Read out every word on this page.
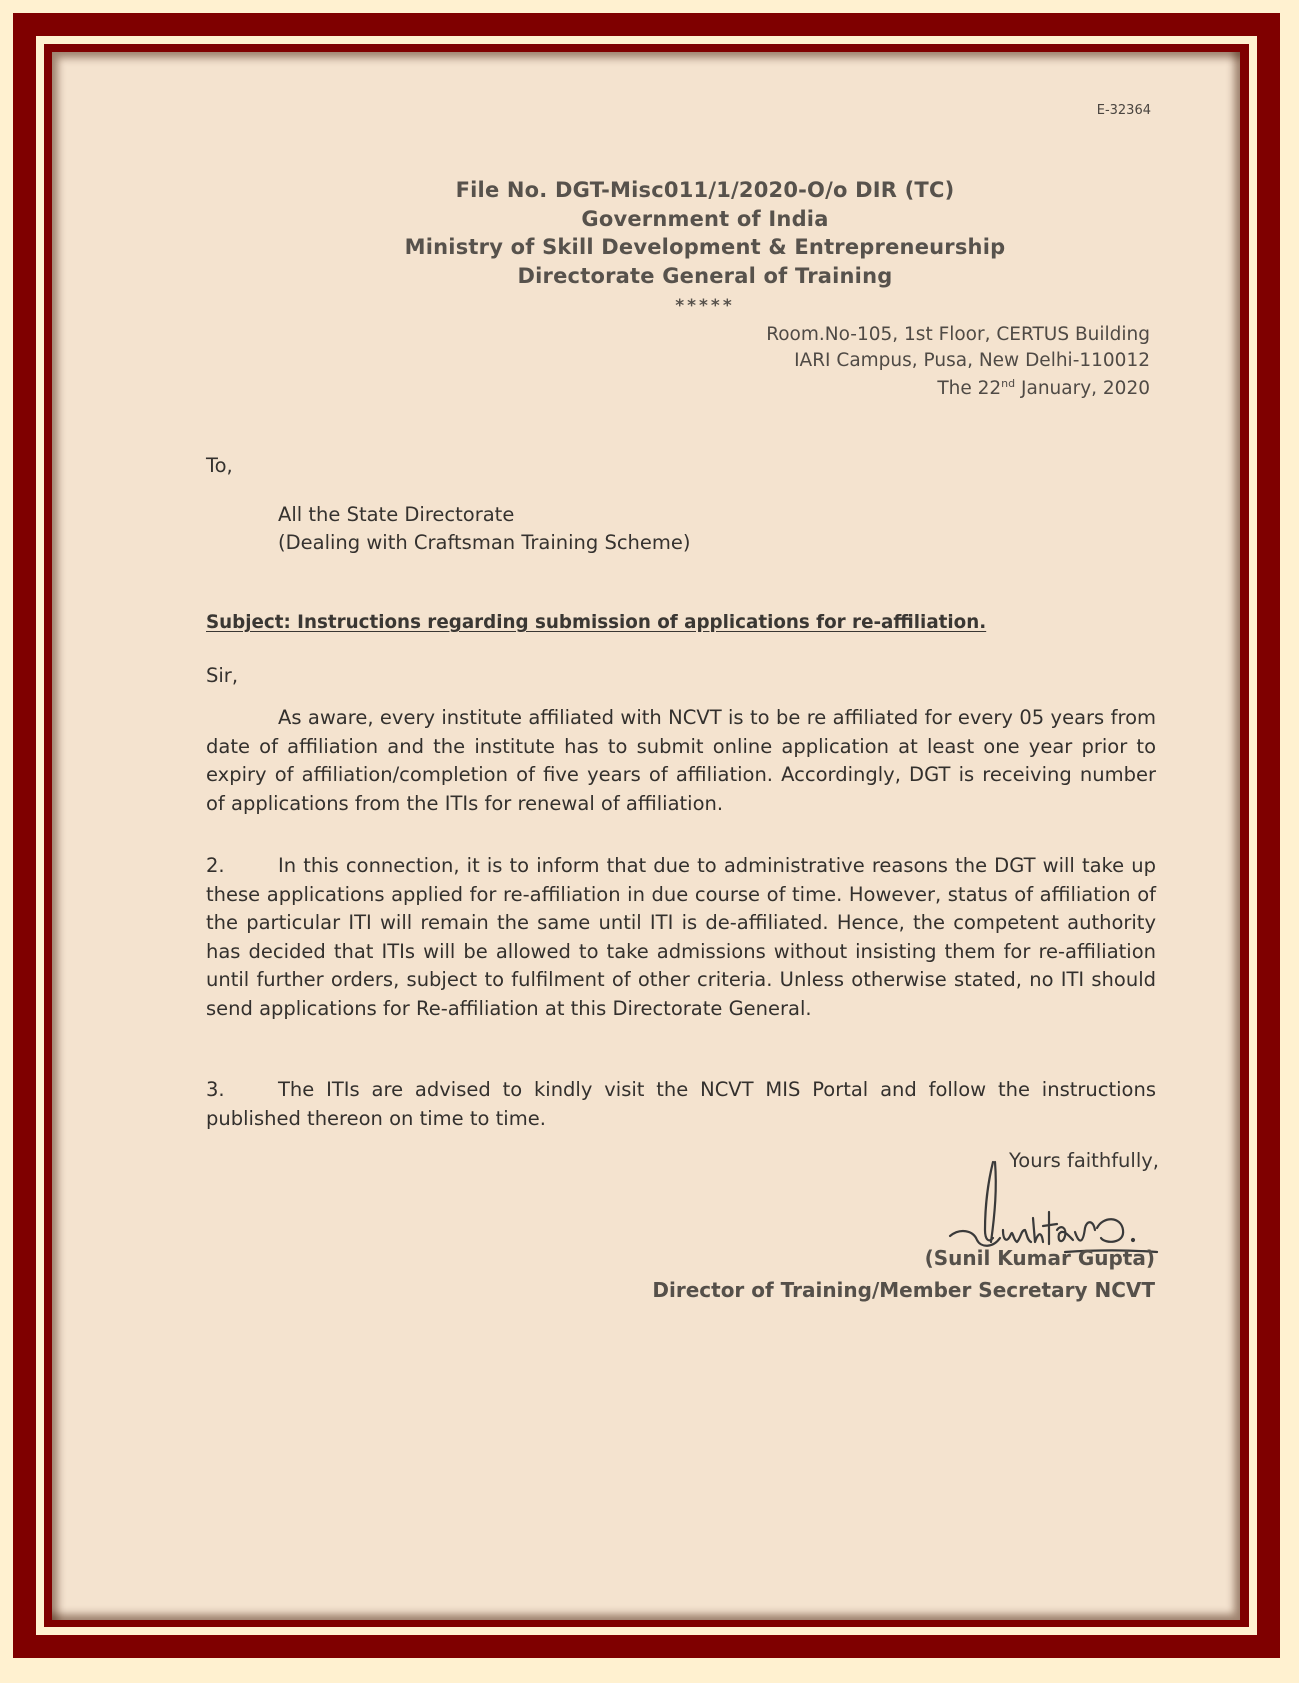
E-32364
File No. DGT-Misc011/1/2020-O/o DIR (TC)
Government of India
Ministry of Skill Development & Entrepreneurship
Directorate General of Training
*****
Room.No-105, 1st Floor, CERTUS Building
IARI Campus, Pusa, New Delhi-110012
The 22nd January, 2020
To,
All the State Directorate
(Dealing with Craftsman Training Scheme)
Subject: Instructions regarding submission of applications for re-affiliation.
Sir,
As aware, every institute affiliated with NCVT is to be re affiliated for every 05 years from date of affiliation and the institute has to submit online application at least one year prior to expiry of affiliation/completion of five years of affiliation. Accordingly, DGT is receiving number of applications from the ITIs for renewal of affiliation.
2.	In this connection, it is to inform that due to administrative reasons the DGT will take up these applications applied for re-affiliation in due course of time. However, status of affiliation of the particular ITI will remain the same until ITI is de-affiliated. Hence, the competent authority has decided that ITIs will be allowed to take admissions without insisting them for re-affiliation until further orders, subject to fulfilment of other criteria. Unless otherwise stated, no ITI should send applications for Re-affiliation at this Directorate General.
3.	The ITIs are advised to kindly visit the NCVT MIS Portal and follow the instructions published thereon on time to time.
Yours faithfully,
(Sunil Kumar Gupta)
Director of Training/Member Secretary NCVT
